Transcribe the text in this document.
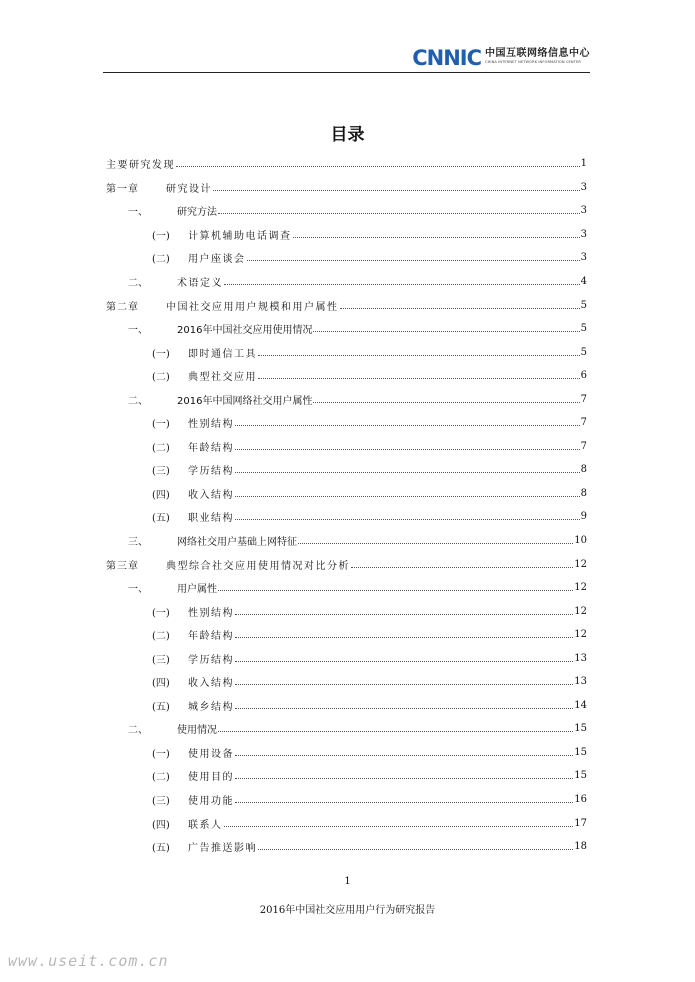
CNNIC 中国互联网络信息中心
CHINA INTERNET NETWORK INFORMATION CENTER
目录
主要研究发现	1
第一章	研究设计	3
一、	研究方法	3
(一)	计算机辅助电话调查	3
(二)	用户座谈会	3
二、	术语定义	4
第二章	中国社交应用用户规模和用户属性	5
一、	2016年中国社交应用使用情况	5
(一)	即时通信工具	5
(二)	典型社交应用	6
二、	2016年中国网络社交用户属性	7
(一)	性别结构	7
(二)	年龄结构	7
(三)	学历结构	8
(四)	收入结构	8
(五)	职业结构	9
三、	网络社交用户基础上网特征	10
第三章	典型综合社交应用使用情况对比分析	12
一、	用户属性	12
(一)	性别结构	12
(二)	年龄结构	12
(三)	学历结构	13
(四)	收入结构	13
(五)	城乡结构	14
二、	使用情况	15
(一)	使用设备	15
(二)	使用目的	15
(三)	使用功能	16
(四)	联系人	17
(五)	广告推送影响	18
1
2016年中国社交应用用户行为研究报告
www.useit.com.cn
